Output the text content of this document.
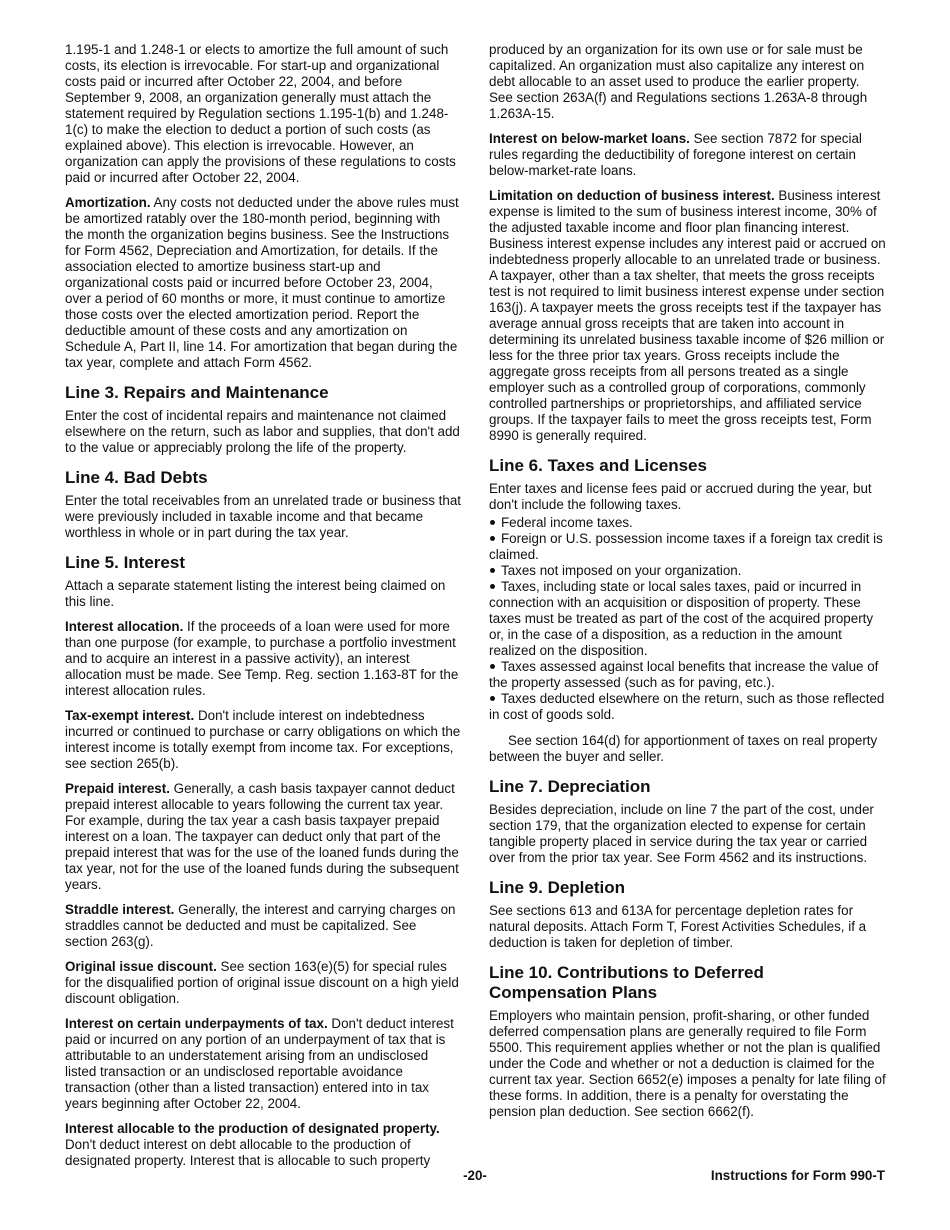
1.195-1 and 1.248-1 or elects to amortize the full amount of such costs, its election is irrevocable. For start-up and organizational costs paid or incurred after October 22, 2004, and before September 9, 2008, an organization generally must attach the statement required by Regulation sections 1.195-1(b) and 1.248-1(c) to make the election to deduct a portion of such costs (as explained above). This election is irrevocable. However, an organization can apply the provisions of these regulations to costs paid or incurred after October 22, 2004.

Amortization. Any costs not deducted under the above rules must be amortized ratably over the 180-month period, beginning with the month the organization begins business. See the Instructions for Form 4562, Depreciation and Amortization, for details. If the association elected to amortize business start-up and organizational costs paid or incurred before October 23, 2004, over a period of 60 months or more, it must continue to amortize those costs over the elected amortization period. Report the deductible amount of these costs and any amortization on Schedule A, Part II, line 14. For amortization that began during the tax year, complete and attach Form 4562.

Line 3. Repairs and Maintenance

Enter the cost of incidental repairs and maintenance not claimed elsewhere on the return, such as labor and supplies, that don't add to the value or appreciably prolong the life of the property.

Line 4. Bad Debts

Enter the total receivables from an unrelated trade or business that were previously included in taxable income and that became worthless in whole or in part during the tax year.

Line 5. Interest

Attach a separate statement listing the interest being claimed on this line.

Interest allocation. If the proceeds of a loan were used for more than one purpose (for example, to purchase a portfolio investment and to acquire an interest in a passive activity), an interest allocation must be made. See Temp. Reg. section 1.163-8T for the interest allocation rules.

Tax-exempt interest. Don't include interest on indebtedness incurred or continued to purchase or carry obligations on which the interest income is totally exempt from income tax. For exceptions, see section 265(b).

Prepaid interest. Generally, a cash basis taxpayer cannot deduct prepaid interest allocable to years following the current tax year. For example, during the tax year a cash basis taxpayer prepaid interest on a loan. The taxpayer can deduct only that part of the prepaid interest that was for the use of the loaned funds during the tax year, not for the use of the loaned funds during the subsequent years.

Straddle interest. Generally, the interest and carrying charges on straddles cannot be deducted and must be capitalized. See section 263(g).

Original issue discount. See section 163(e)(5) for special rules for the disqualified portion of original issue discount on a high yield discount obligation.

Interest on certain underpayments of tax. Don't deduct interest paid or incurred on any portion of an underpayment of tax that is attributable to an understatement arising from an undisclosed listed transaction or an undisclosed reportable avoidance transaction (other than a listed transaction) entered into in tax years beginning after October 22, 2004.

Interest allocable to the production of designated property. Don't deduct interest on debt allocable to the production of designated property. Interest that is allocable to such property

produced by an organization for its own use or for sale must be capitalized. An organization must also capitalize any interest on debt allocable to an asset used to produce the earlier property. See section 263A(f) and Regulations sections 1.263A-8 through 1.263A-15.

Interest on below-market loans. See section 7872 for special rules regarding the deductibility of foregone interest on certain below-market-rate loans.

Limitation on deduction of business interest. Business interest expense is limited to the sum of business interest income, 30% of the adjusted taxable income and floor plan financing interest. Business interest expense includes any interest paid or accrued on indebtedness properly allocable to an unrelated trade or business. A taxpayer, other than a tax shelter, that meets the gross receipts test is not required to limit business interest expense under section 163(j). A taxpayer meets the gross receipts test if the taxpayer has average annual gross receipts that are taken into account in determining its unrelated business taxable income of $26 million or less for the three prior tax years. Gross receipts include the aggregate gross receipts from all persons treated as a single employer such as a controlled group of corporations, commonly controlled partnerships or proprietorships, and affiliated service groups. If the taxpayer fails to meet the gross receipts test, Form 8990 is generally required.

Line 6. Taxes and Licenses

Enter taxes and license fees paid or accrued during the year, but don't include the following taxes.

Federal income taxes.
Foreign or U.S. possession income taxes if a foreign tax credit is claimed.
Taxes not imposed on your organization.
Taxes, including state or local sales taxes, paid or incurred in connection with an acquisition or disposition of property. These taxes must be treated as part of the cost of the acquired property or, in the case of a disposition, as a reduction in the amount realized on the disposition.
Taxes assessed against local benefits that increase the value of the property assessed (such as for paving, etc.).
Taxes deducted elsewhere on the return, such as those reflected in cost of goods sold.

See section 164(d) for apportionment of taxes on real property between the buyer and seller.

Line 7. Depreciation

Besides depreciation, include on line 7 the part of the cost, under section 179, that the organization elected to expense for certain tangible property placed in service during the tax year or carried over from the prior tax year. See Form 4562 and its instructions.

Line 9. Depletion

See sections 613 and 613A for percentage depletion rates for natural deposits. Attach Form T, Forest Activities Schedules, if a deduction is taken for depletion of timber.

Line 10. Contributions to Deferred
Compensation Plans

Employers who maintain pension, profit-sharing, or other funded deferred compensation plans are generally required to file Form 5500. This requirement applies whether or not the plan is qualified under the Code and whether or not a deduction is claimed for the current tax year. Section 6652(e) imposes a penalty for late filing of these forms. In addition, there is a penalty for overstating the pension plan deduction. See section 6662(f).

-20-	Instructions for Form 990-T
